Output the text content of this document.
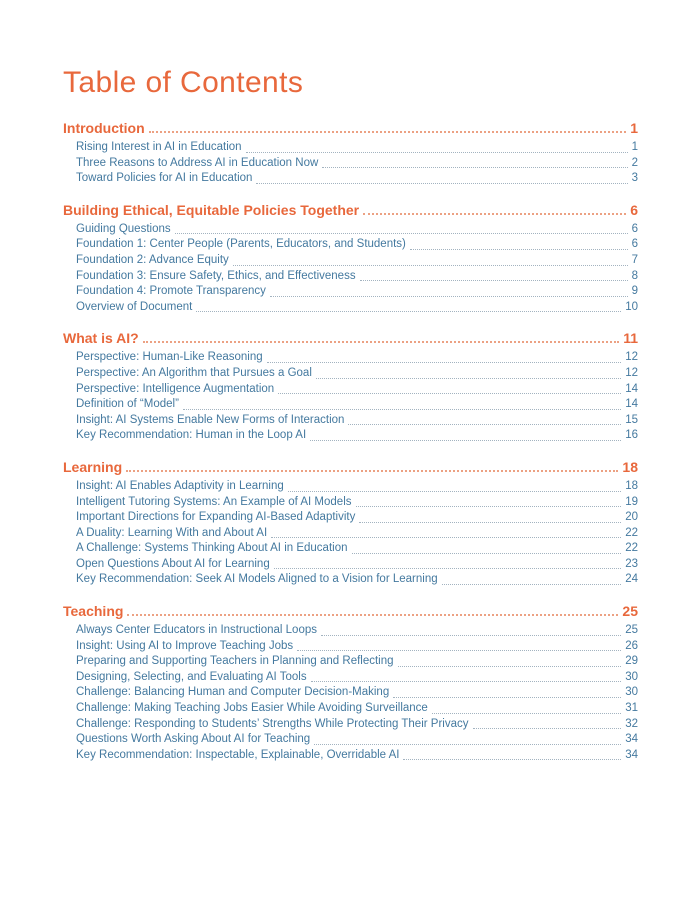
Table of Contents
Introduction	1
Rising Interest in AI in Education	1
Three Reasons to Address AI in Education Now	2
Toward Policies for AI in Education	3
Building Ethical, Equitable Policies Together	6
Guiding Questions	6
Foundation 1: Center People (Parents, Educators, and Students)	6
Foundation 2: Advance Equity	7
Foundation 3: Ensure Safety, Ethics, and Effectiveness	8
Foundation 4: Promote Transparency	9
Overview of Document	10
What is AI?	11
Perspective: Human-Like Reasoning	12
Perspective: An Algorithm that Pursues a Goal	12
Perspective: Intelligence Augmentation	14
Definition of “Model”	14
Insight: AI Systems Enable New Forms of Interaction	15
Key Recommendation: Human in the Loop AI	16
Learning	18
Insight: AI Enables Adaptivity in Learning	18
Intelligent Tutoring Systems: An Example of AI Models	19
Important Directions for Expanding AI-Based Adaptivity	20
A Duality: Learning With and About AI	22
A Challenge: Systems Thinking About AI in Education	22
Open Questions About AI for Learning	23
Key Recommendation: Seek AI Models Aligned to a Vision for Learning	24
Teaching	25
Always Center Educators in Instructional Loops	25
Insight: Using AI to Improve Teaching Jobs	26
Preparing and Supporting Teachers in Planning and Reflecting	29
Designing, Selecting, and Evaluating AI Tools	30
Challenge: Balancing Human and Computer Decision-Making	30
Challenge: Making Teaching Jobs Easier While Avoiding Surveillance	31
Challenge: Responding to Students’ Strengths While Protecting Their Privacy	32
Questions Worth Asking About AI for Teaching	34
Key Recommendation: Inspectable, Explainable, Overridable AI	34
